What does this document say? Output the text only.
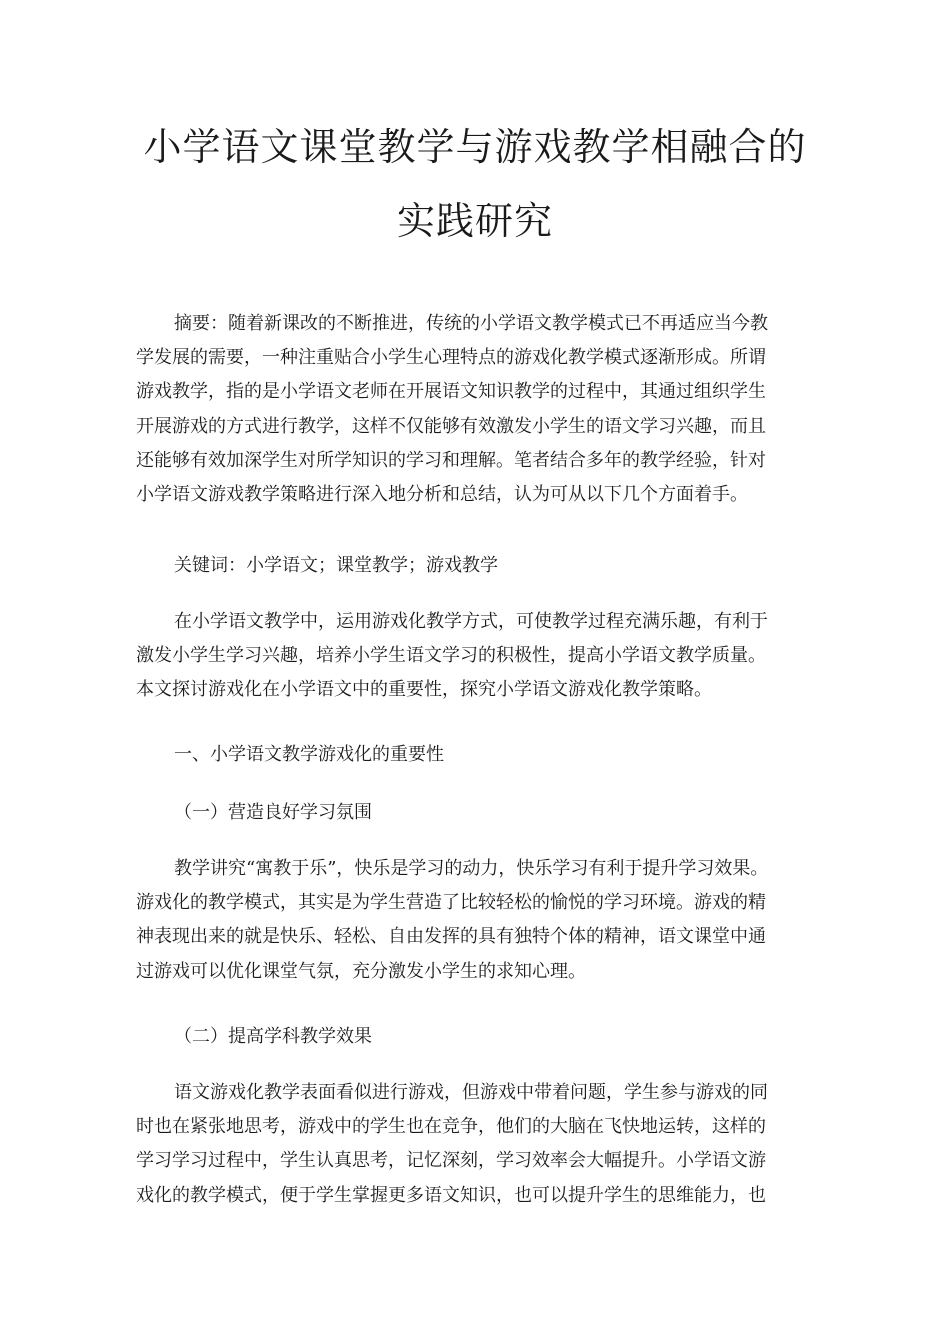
小学语文课堂教学与游戏教学相融合的
实践研究
摘要：随着新课改的不断推进，传统的小学语文教学模式已不再适应当今教
学发展的需要，一种注重贴合小学生心理特点的游戏化教学模式逐渐形成。所谓
游戏教学，指的是小学语文老师在开展语文知识教学的过程中，其通过组织学生
开展游戏的方式进行教学，这样不仅能够有效激发小学生的语文学习兴趣，而且
还能够有效加深学生对所学知识的学习和理解。笔者结合多年的教学经验，针对
小学语文游戏教学策略进行深入地分析和总结，认为可从以下几个方面着手。
关键词：小学语文；课堂教学；游戏教学
在小学语文教学中，运用游戏化教学方式，可使教学过程充满乐趣，有利于
激发小学生学习兴趣，培养小学生语文学习的积极性，提高小学语文教学质量。
本文探讨游戏化在小学语文中的重要性，探究小学语文游戏化教学策略。
一、小学语文教学游戏化的重要性
（一）营造良好学习氛围
教学讲究“寓教于乐”，快乐是学习的动力，快乐学习有利于提升学习效果。
游戏化的教学模式，其实是为学生营造了比较轻松的愉悦的学习环境。游戏的精
神表现出来的就是快乐、轻松、自由发挥的具有独特个体的精神，语文课堂中通
过游戏可以优化课堂气氛，充分激发小学生的求知心理。
（二）提高学科教学效果
语文游戏化教学表面看似进行游戏，但游戏中带着问题，学生参与游戏的同
时也在紧张地思考，游戏中的学生也在竞争，他们的大脑在飞快地运转，这样的
学习学习过程中，学生认真思考，记忆深刻，学习效率会大幅提升。小学语文游
戏化的教学模式，便于学生掌握更多语文知识，也可以提升学生的思维能力，也
